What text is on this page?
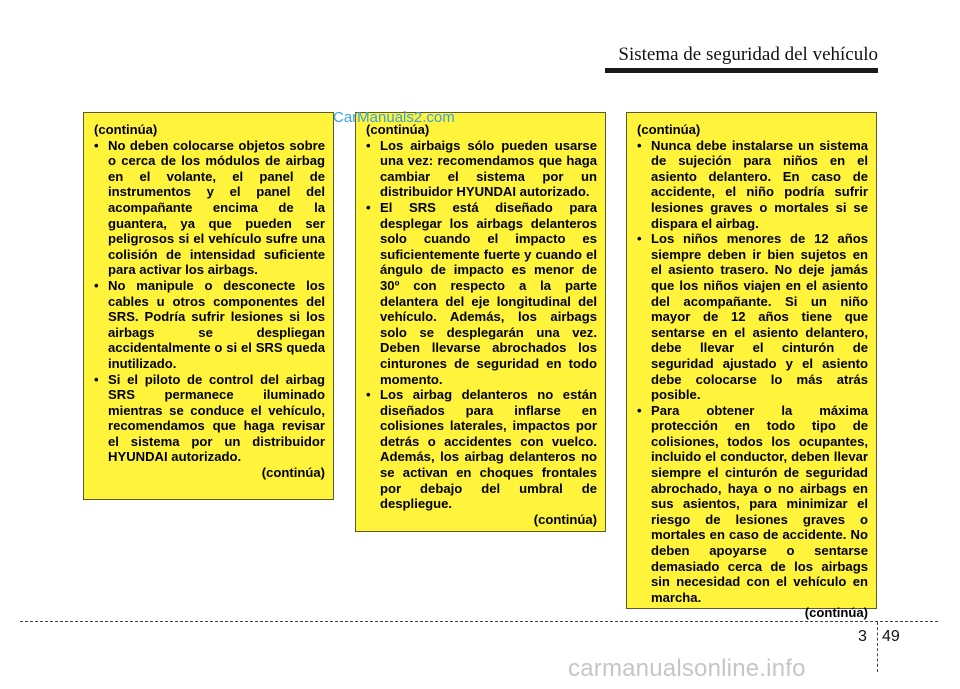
Sistema de seguridad del vehículo
(continúa)
• No deben colocarse objetos sobre o cerca de los módulos de airbag en el volante, el panel de instrumentos y el panel del acompañante encima de la guantera, ya que pueden ser peligrosos si el vehículo sufre una colisión de intensidad suficiente para activar los airbags.
• No manipule o desconecte los cables u otros componentes del SRS. Podría sufrir lesiones si los airbags se despliegan accidentalmente o si el SRS queda inutilizado.
• Si el piloto de control del airbag SRS permanece iluminado mientras se conduce el vehículo, recomendamos que haga revisar el sistema por un distribuidor HYUNDAI autorizado.
(continúa)
(continúa)
• Los airbaigs sólo pueden usarse una vez: recomendamos que haga cambiar el sistema por un distribuidor HYUNDAI autorizado.
• El SRS está diseñado para desplegar los airbags delanteros solo cuando el impacto es suficientemente fuerte y cuando el ángulo de impacto es menor de 30º con respecto a la parte delantera del eje longitudinal del vehículo. Además, los airbags solo se desplegarán una vez. Deben llevarse abrochados los cinturones de seguridad en todo momento.
• Los airbag delanteros no están diseñados para inflarse en colisiones laterales, impactos por detrás o accidentes con vuelco. Además, los airbag delanteros no se activan en choques frontales por debajo del umbral de despliegue.
(continúa)
(continúa)
• Nunca debe instalarse un sistema de sujeción para niños en el asiento delantero. En caso de accidente, el niño podría sufrir lesiones graves o mortales si se dispara el airbag.
• Los niños menores de 12 años siempre deben ir bien sujetos en el asiento trasero. No deje jamás que los niños viajen en el asiento del acompañante. Si un niño mayor de 12 años tiene que sentarse en el asiento delantero, debe llevar el cinturón de seguridad ajustado y el asiento debe colocarse lo más atrás posible.
• Para obtener la máxima protección en todo tipo de colisiones, todos los ocupantes, incluido el conductor, deben llevar siempre el cinturón de seguridad abrochado, haya o no airbags en sus asientos, para minimizar el riesgo de lesiones graves o mortales en caso de accidente. No deben apoyarse o sentarse demasiado cerca de los airbags sin necesidad con el vehículo en marcha.
(continúa)
CarManuals2.com
3 49
carmanualsonline.info
